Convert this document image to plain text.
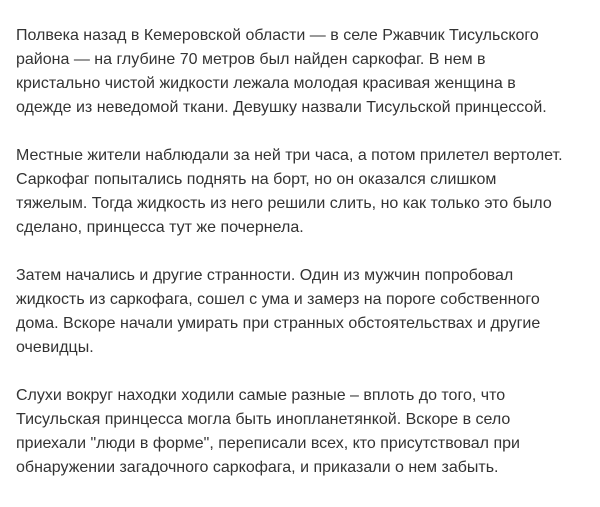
Полвека назад в Кемеровской области — в селе Ржавчик Тисульского
района — на глубине 70 метров был найден саркофаг. В нем в
кристально чистой жидкости лежала молодая красивая женщина в
одежде из неведомой ткани. Девушку назвали Тисульской принцессой.

Местные жители наблюдали за ней три часа, а потом прилетел вертолет.
Саркофаг попытались поднять на борт, но он оказался слишком
тяжелым. Тогда жидкость из него решили слить, но как только это было
сделано, принцесса тут же почернела.

Затем начались и другие странности. Один из мужчин попробовал
жидкость из саркофага, сошел с ума и замерз на пороге собственного
дома. Вскоре начали умирать при странных обстоятельствах и другие
очевидцы.

Слухи вокруг находки ходили самые разные – вплоть до того, что
Тисульская принцесса могла быть инопланетянкой. Вскоре в село
приехали "люди в форме", переписали всех, кто присутствовал при
обнаружении загадочного саркофага, и приказали о нем забыть.
